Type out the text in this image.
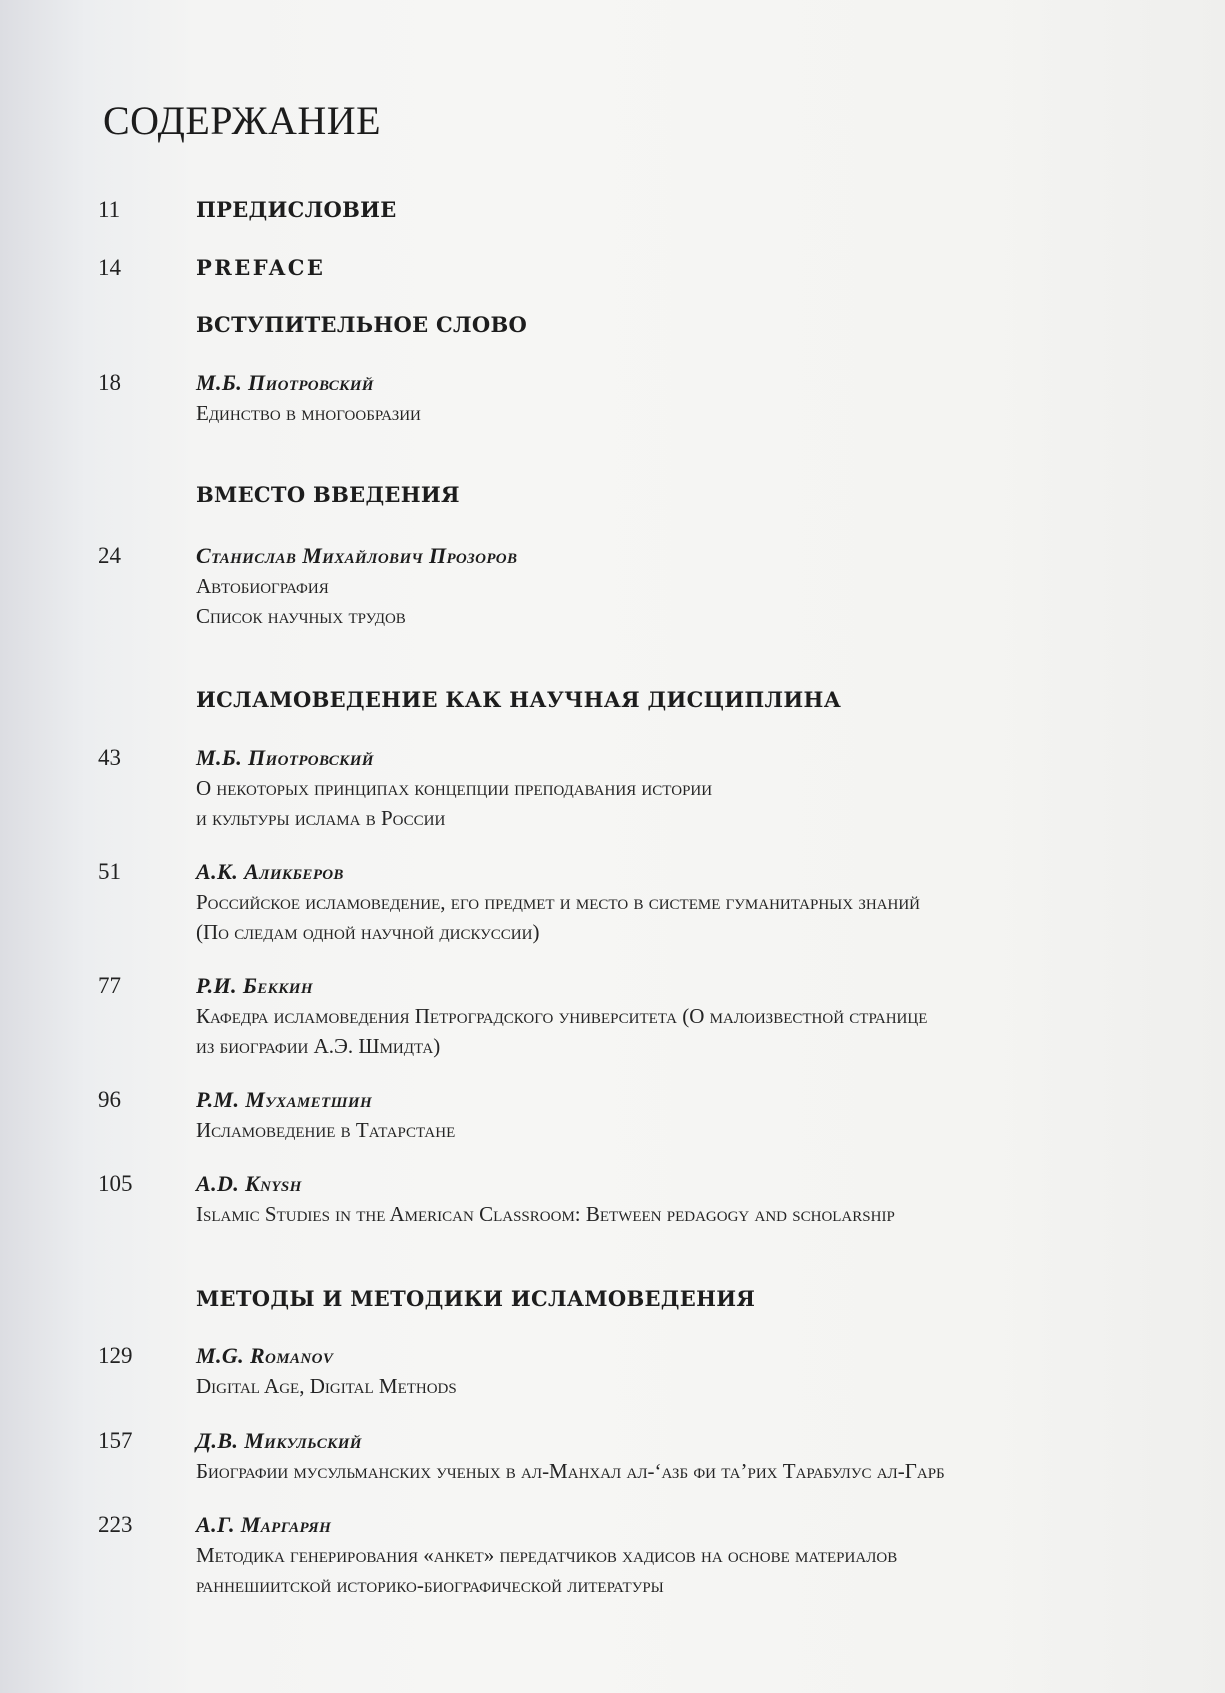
СОДЕРЖАНИЕ
11	ПРЕДИСЛОВИЕ
14	PREFACE
ВСТУПИТЕЛЬНОЕ СЛОВО
18	М.Б. Пиотровский
Единство в многообразии
ВМЕСТО ВВЕДЕНИЯ
24	Станислав Михайлович Прозоров
Автобиография
Список научных трудов
ИСЛАМОВЕДЕНИЕ КАК НАУЧНАЯ ДИСЦИПЛИНА
43	М.Б. Пиотровский
О некоторых принципах концепции преподавания истории
и культуры ислама в России
51	А.К. Аликберов
Российское исламоведение, его предмет и место в системе гуманитарных знаний
(По следам одной научной дискуссии)
77	Р.И. Беккин
Кафедра исламоведения Петроградского университета (О малоизвестной странице
из биографии А.Э. Шмидта)
96	Р.М. Мухаметшин
Исламоведение в Татарстане
105	A.D. Knysh
Islamic Studies in the American Classroom: Between pedagogy and scholarship
МЕТОДЫ И МЕТОДИКИ ИСЛАМОВЕДЕНИЯ
129	M.G. Romanov
Digital Age, Digital Methods
157	Д.В. Микульский
Биографии мусульманских ученых в ал-Манхал ал-‘азб фи та’рих Тарабулус ал-Гарб
223	А.Г. Маргарян
Методика генерирования «анкет» передатчиков хадисов на основе материалов
раннешиитской историко-биографической литературы
